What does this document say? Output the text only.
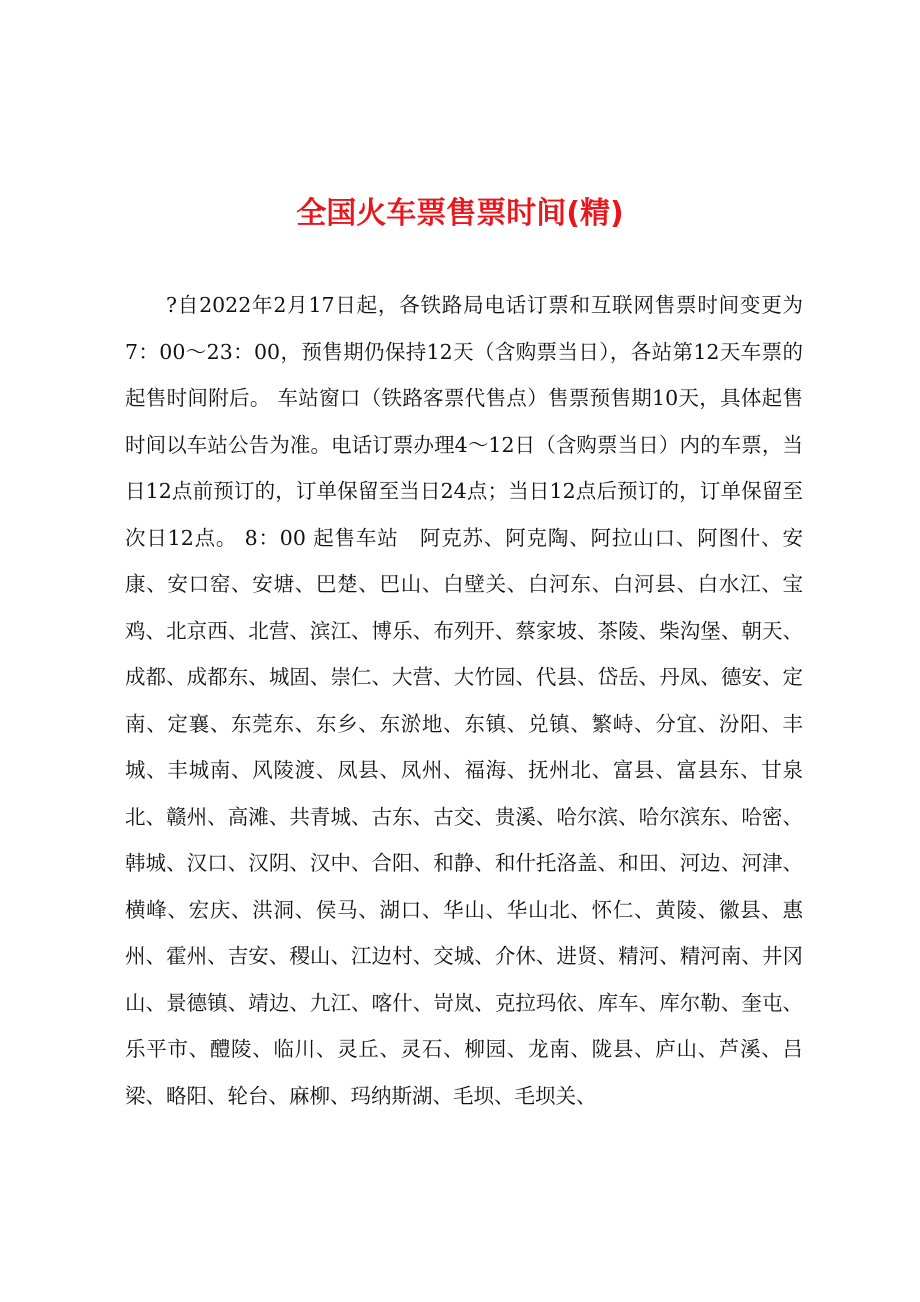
全国火车票售票时间(精)

?自2022年2月17日起，各铁路局电话订票和互联网售票时间变更为7：00～23：00，预售期仍保持12天（含购票当日），各站第12天车票的起售时间附后。 车站窗口（铁路客票代售点）售票预售期10天，具体起售时间以车站公告为准。电话订票办理4～12日（含购票当日）内的车票，当日12点前预订的，订单保留至当日24点；当日12点后预订的，订单保留至次日12点。 8：00 起售车站　阿克苏、阿克陶、阿拉山口、阿图什、安康、安口窑、安塘、巴楚、巴山、白壁关、白河东、白河县、白水江、宝鸡、北京西、北营、滨江、博乐、布列开、蔡家坡、茶陵、柴沟堡、朝天、成都、成都东、城固、崇仁、大营、大竹园、代县、岱岳、丹凤、德安、定南、定襄、东莞东、东乡、东淤地、东镇、兑镇、繁峙、分宜、汾阳、丰城、丰城南、风陵渡、凤县、凤州、福海、抚州北、富县、富县东、甘泉北、赣州、高滩、共青城、古东、古交、贵溪、哈尔滨、哈尔滨东、哈密、韩城、汉口、汉阴、汉中、合阳、和静、和什托洛盖、和田、河边、河津、横峰、宏庆、洪洞、侯马、湖口、华山、华山北、怀仁、黄陵、徽县、惠州、霍州、吉安、稷山、江边村、交城、介休、进贤、精河、精河南、井冈山、景德镇、靖边、九江、喀什、岢岚、克拉玛依、库车、库尔勒、奎屯、乐平市、醴陵、临川、灵丘、灵石、柳园、龙南、陇县、庐山、芦溪、吕梁、略阳、轮台、麻柳、玛纳斯湖、毛坝、毛坝关、
